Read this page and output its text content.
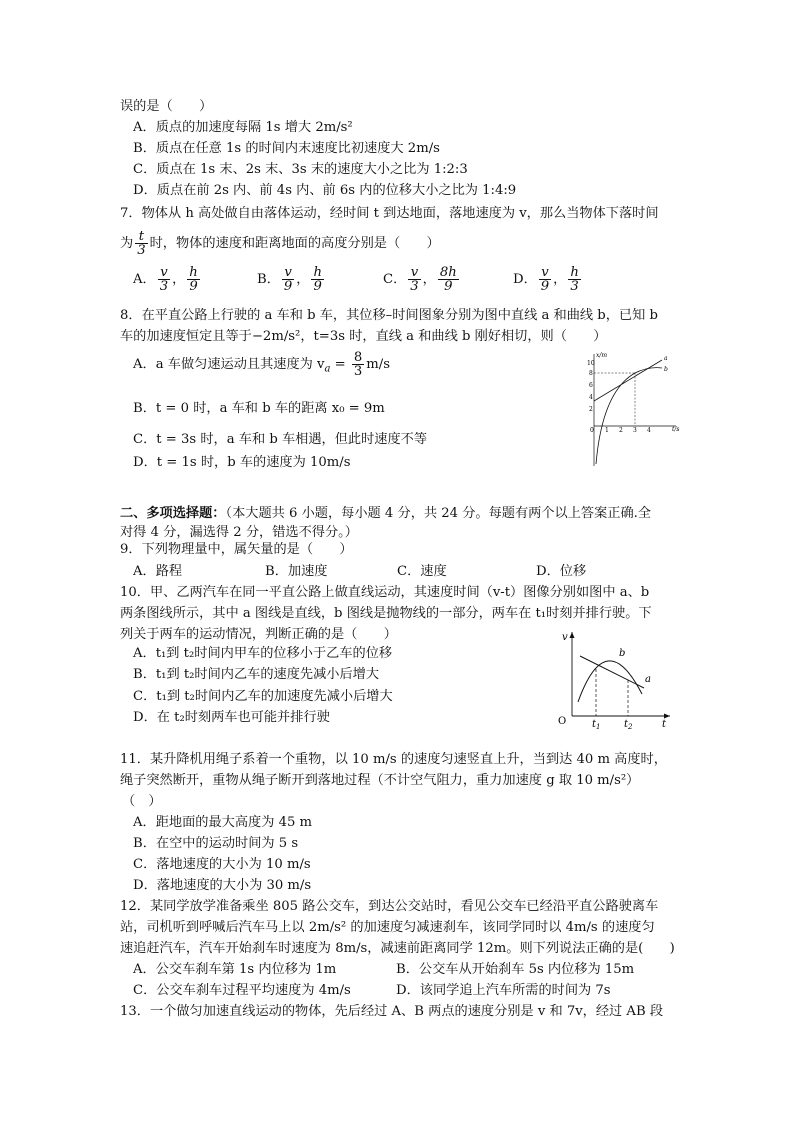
误的是（　　）
A．质点的加速度每隔 1s 增大 2m/s²
B．质点在任意 1s 的时间内末速度比初速度大 2m/s
C．质点在 1s 末、2s 末、3s 末的速度大小之比为 1:2:3
D．质点在前 2s 内、前 4s 内、前 6s 内的位移大小之比为 1:4:9
7．物体从 h 高处做自由落体运动，经时间 t 到达地面，落地速度为 v，那么当物体下落时间
为 $\frac{t}{3}$ 时，物体的速度和距离地面的高度分别是（　　）
A． $\frac{v}{3}$ ， $\frac{h}{9}$	B． $\frac{v}{9}$ ， $\frac{h}{9}$	C． $\frac{v}{3}$ ， $\frac{8h}{9}$	D． $\frac{v}{9}$ ， $\frac{h}{3}$
8．在平直公路上行驶的 a 车和 b 车，其位移–时间图象分别为图中直线 a 和曲线 b，已知 b
车的加速度恒定且等于−2m/s²，t=3s 时，直线 a 和曲线 b 刚好相切，则（　　）
A．a 车做匀速运动且其速度为 $v_a = \frac{8}{3} m/s$
B．t = 0 时，a 车和 b 车的距离 x₀ = 9m
C．t = 3s 时，a 车和 b 车相遇，但此时速度不等
D．t = 1s 时，b 车的速度为 10m/s
x/m
t/s
10
8
6
4
2
0 1 2 3 4
a
b
二、多项选择题：（本大题共 6 小题，每小题 4 分，共 24 分。每题有两个以上答案正确.全
对得 4 分，漏选得 2 分，错选不得分。）
9．下列物理量中，属矢量的是（　　）
A．路程	B．加速度	C．速度	D．位移
10．甲、乙两汽车在同一平直公路上做直线运动，其速度时间（v-t）图像分别如图中 a、b
两条图线所示，其中 a 图线是直线，b 图线是抛物线的一部分，两车在 t₁时刻并排行驶。下
列关于两车的运动情况，判断正确的是（　　）
A．t₁到 t₂时间内甲车的位移小于乙车的位移
B．t₁到 t₂时间内乙车的速度先减小后增大
C．t₁到 t₂时间内乙车的加速度先减小后增大
D．在 t₂时刻两车也可能并排行驶
v
t
O
b
a
$t_1$ $t_2$
11．某升降机用绳子系着一个重物，以 10 m/s 的速度匀速竖直上升，当到达 40 m 高度时，
绳子突然断开，重物从绳子断开到落地过程（不计空气阻力，重力加速度 g 取 10 m/s²）
（　）
A．距地面的最大高度为 45 m
B．在空中的运动时间为 5 s
C．落地速度的大小为 10 m/s
D．落地速度的大小为 30 m/s
12．某同学放学准备乘坐 805 路公交车，到达公交站时，看见公交车已经沿平直公路驶离车
站，司机听到呼喊后汽车马上以 2m/s² 的加速度匀减速刹车，该同学同时以 4m/s 的速度匀
速追赶汽车，汽车开始刹车时速度为 8m/s，减速前距离同学 12m。则下列说法正确的是(　　)
A．公交车刹车第 1s 内位移为 1m	B．公交车从开始刹车 5s 内位移为 15m
C．公交车刹车过程平均速度为 4m/s	D．该同学追上汽车所需的时间为 7s
13．一个做匀加速直线运动的物体，先后经过 A、B 两点的速度分别是 v 和 7v，经过 AB 段
